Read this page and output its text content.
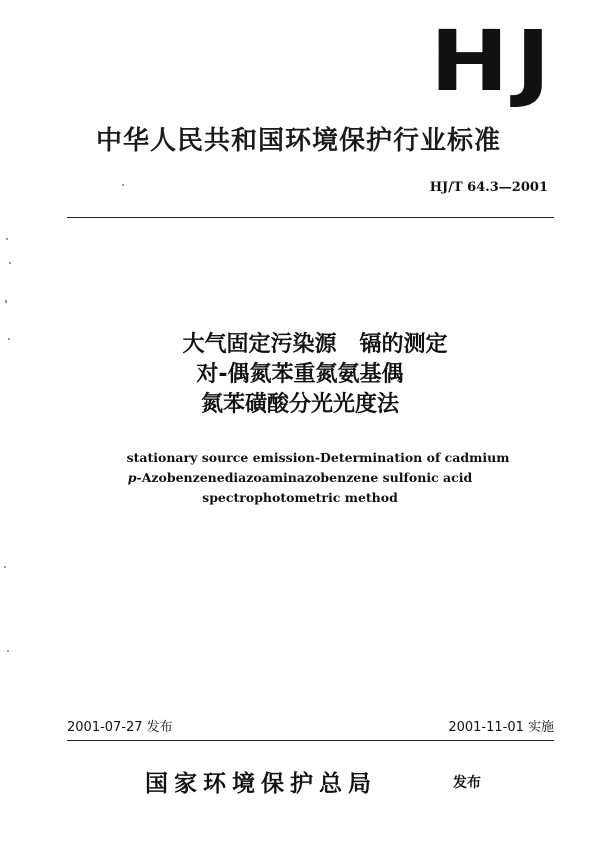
HJ
中华人民共和国环境保护行业标准
HJ/T 64.3—2001
大气固定污染源   镉的测定
对-偶氮苯重氮氨基偶
氮苯磺酸分光光度法
stationary source emission-Determination of cadmium
p-Azobenzenediazoaminazobenzene sulfonic acid
spectrophotometric method
2001-07-27 发布	2001-11-01 实施
国家环境保护总局	发布
